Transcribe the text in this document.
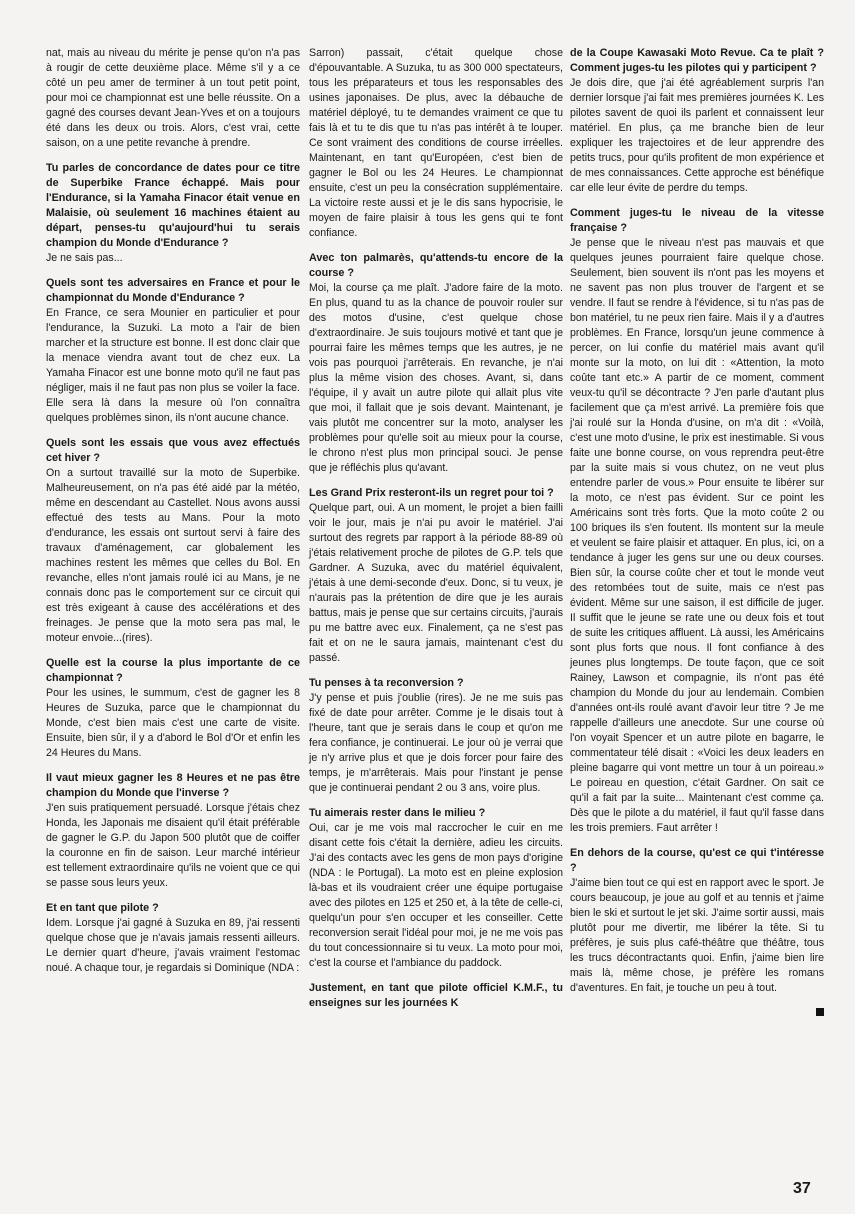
nat, mais au niveau du mérite je pense qu'on n'a pas à rougir de cette deuxième place. Même s'il y a ce côté un peu amer de terminer à un tout petit point, pour moi ce championnat est une belle réussite. On a gagné des courses devant Jean-Yves et on a toujours été dans les deux ou trois. Alors, c'est vrai, cette saison, on a une petite revanche à prendre.

Tu parles de concordance de dates pour ce titre de Superbike France échappé. Mais pour l'Endurance, si la Yamaha Finacor était venue en Malaisie, où seulement 16 machines étaient au départ, penses-tu qu'aujourd'hui tu serais champion du Monde d'Endurance ?

Je ne sais pas...

Quels sont tes adversaires en France et pour le championnat du Monde d'Endurance ?

En France, ce sera Mounier en particulier et pour l'endurance, la Suzuki. La moto a l'air de bien marcher et la structure est bonne. Il est donc clair que la menace viendra avant tout de chez eux. La Yamaha Finacor est une bonne moto qu'il ne faut pas négliger, mais il ne faut pas non plus se voiler la face. Elle sera là dans la mesure où l'on connaîtra quelques problèmes sinon, ils n'ont aucune chance.

Quels sont les essais que vous avez effectués cet hiver ?

On a surtout travaillé sur la moto de Superbike. Malheureusement, on n'a pas été aidé par la météo, même en descendant au Castellet. Nous avons aussi effectué des tests au Mans. Pour la moto d'endurance, les essais ont surtout servi à faire des travaux d'aménagement, car globalement les machines restent les mêmes que celles du Bol. En revanche, elles n'ont jamais roulé ici au Mans, je ne connais donc pas le comportement sur ce circuit qui est très exigeant à cause des accélérations et des freinages. Je pense que la moto sera pas mal, le moteur envoie...(rires).

Quelle est la course la plus importante de ce championnat ?

Pour les usines, le summum, c'est de gagner les 8 Heures de Suzuka, parce que le championnat du Monde, c'est bien mais c'est une carte de visite. Ensuite, bien sûr, il y a d'abord le Bol d'Or et enfin les 24 Heures du Mans.

Il vaut mieux gagner les 8 Heures et ne pas être champion du Monde que l'inverse ?

J'en suis pratiquement persuadé. Lorsque j'étais chez Honda, les Japonais me disaient qu'il était préférable de gagner le G.P. du Japon 500 plutôt que de coiffer la couronne en fin de saison. Leur marché intérieur est tellement extraordinaire qu'ils ne voient que ce qui se passe sous leurs yeux.

Et en tant que pilote ?

Idem. Lorsque j'ai gagné à Suzuka en 89, j'ai ressenti quelque chose que je n'avais jamais ressenti ailleurs. Le dernier quart d'heure, j'avais vraiment l'estomac noué. A chaque tour, je regardais si Dominique (NDA :

Sarron) passait, c'était quelque chose d'épouvantable. A Suzuka, tu as 300 000 spectateurs, tous les préparateurs et tous les responsables des usines japonaises. De plus, avec la débauche de matériel déployé, tu te demandes vraiment ce que tu fais là et tu te dis que tu n'as pas intérêt à te louper. Ce sont vraiment des conditions de course irréelles. Maintenant, en tant qu'Européen, c'est bien de gagner le Bol ou les 24 Heures. Le championnat ensuite, c'est un peu la consécration supplémentaire. La victoire reste aussi et je le dis sans hypocrisie, le moyen de faire plaisir à tous les gens qui te font confiance.

Avec ton palmarès, qu'attends-tu encore de la course ?

Moi, la course ça me plaît. J'adore faire de la moto. En plus, quand tu as la chance de pouvoir rouler sur des motos d'usine, c'est quelque chose d'extraordinaire. Je suis toujours motivé et tant que je pourrai faire les mêmes temps que les autres, je ne vois pas pourquoi j'arrêterais. En revanche, je n'ai plus la même vision des choses. Avant, si, dans l'équipe, il y avait un autre pilote qui allait plus vite que moi, il fallait que je sois devant. Maintenant, je vais plutôt me concentrer sur la moto, analyser les problèmes pour qu'elle soit au mieux pour la course, le chrono n'est plus mon principal souci. Je pense que je réfléchis plus qu'avant.

Les Grand Prix resteront-ils un regret pour toi ?

Quelque part, oui. A un moment, le projet a bien failli voir le jour, mais je n'ai pu avoir le matériel. J'ai surtout des regrets par rapport à la période 88-89 où j'étais relativement proche de pilotes de G.P. tels que Gardner. A Suzuka, avec du matériel équivalent, j'étais à une demi-seconde d'eux. Donc, si tu veux, je n'aurais pas la prétention de dire que je les aurais battus, mais je pense que sur certains circuits, j'aurais pu me battre avec eux. Finalement, ça ne s'est pas fait et on ne le saura jamais, maintenant c'est du passé.

Tu penses à ta reconversion ?

J'y pense et puis j'oublie (rires). Je ne me suis pas fixé de date pour arrêter. Comme je le disais tout à l'heure, tant que je serais dans le coup et qu'on me fera confiance, je continuerai. Le jour où je verrai que je n'y arrive plus et que je dois forcer pour faire des temps, je m'arrêterais. Mais pour l'instant je pense que je continuerai pendant 2 ou 3 ans, voire plus.

Tu aimerais rester dans le milieu ?

Oui, car je me vois mal raccrocher le cuir en me disant cette fois c'était la dernière, adieu les circuits. J'ai des contacts avec les gens de mon pays d'origine (NDA : le Portugal). La moto est en pleine explosion là-bas et ils voudraient créer une équipe portugaise avec des pilotes en 125 et 250 et, à la tête de celle-ci, quelqu'un pour s'en occuper et les conseiller. Cette reconversion serait l'idéal pour moi, je ne me vois pas du tout concessionnaire si tu veux. La moto pour moi, c'est la course et l'ambiance du paddock.

Justement, en tant que pilote officiel K.M.F., tu enseignes sur les journées K
de la Coupe Kawasaki Moto Revue. Ca te plaît ? Comment juges-tu les pilotes qui y participent ?

Je dois dire, que j'ai été agréablement surpris l'an dernier lorsque j'ai fait mes premières journées K. Les pilotes savent de quoi ils parlent et connaissent leur matériel. En plus, ça me branche bien de leur expliquer les trajectoires et de leur apprendre des petits trucs, pour qu'ils profitent de mon expérience et de mes connaissances. Cette approche est bénéfique car elle leur évite de perdre du temps.

Comment juges-tu le niveau de la vitesse française ?

Je pense que le niveau n'est pas mauvais et que quelques jeunes pourraient faire quelque chose. Seulement, bien souvent ils n'ont pas les moyens et ne savent pas non plus trouver de l'argent et se vendre. Il faut se rendre à l'évidence, si tu n'as pas de bon matériel, tu ne peux rien faire. Mais il y a d'autres problèmes. En France, lorsqu'un jeune commence à percer, on lui confie du matériel mais avant qu'il monte sur la moto, on lui dit : «Attention, la moto coûte tant etc.» A partir de ce moment, comment veux-tu qu'il se décontracte ? J'en parle d'autant plus facilement que ça m'est arrivé. La première fois que j'ai roulé sur la Honda d'usine, on m'a dit : «Voilà, c'est une moto d'usine, le prix est inestimable. Si vous faite une bonne course, on vous reprendra peut-être par la suite mais si vous chutez, on ne veut plus entendre parler de vous.» Pour ensuite te libérer sur la moto, ce n'est pas évident. Sur ce point les Américains sont très forts. Que la moto coûte 2 ou 100 briques ils s'en foutent. Ils montent sur la meule et veulent se faire plaisir et attaquer. En plus, ici, on a tendance à juger les gens sur une ou deux courses. Bien sûr, la course coûte cher et tout le monde veut des retombées tout de suite, mais ce n'est pas évident. Même sur une saison, il est difficile de juger. Il suffit que le jeune se rate une ou deux fois et tout de suite les critiques affluent. Là aussi, les Américains sont plus forts que nous. Il font confiance à des jeunes plus longtemps. De toute façon, que ce soit Rainey, Lawson et compagnie, ils n'ont pas été champion du Monde du jour au lendemain. Combien d'années ont-ils roulé avant d'avoir leur titre ? Je me rappelle d'ailleurs une anecdote. Sur une course où l'on voyait Spencer et un autre pilote en bagarre, le commentateur télé disait : «Voici les deux leaders en pleine bagarre qui vont mettre un tour à un poireau.» Le poireau en question, c'était Gardner. On sait ce qu'il a fait par la suite... Maintenant c'est comme ça. Dès que le pilote a du matériel, il faut qu'il fasse dans les trois premiers. Faut arrêter !

En dehors de la course, qu'est ce qui t'intéresse ?

J'aime bien tout ce qui est en rapport avec le sport. Je cours beaucoup, je joue au golf et au tennis et j'aime bien le ski et surtout le jet ski. J'aime sortir aussi, mais plutôt pour me divertir, me libérer la tête. Si tu préfères, je suis plus café-théâtre que théâtre, tous les trucs décontractants quoi. Enfin, j'aime bien lire mais là, même chose, je préfère les romans d'aventures. En fait, je touche un peu à tout.

37
